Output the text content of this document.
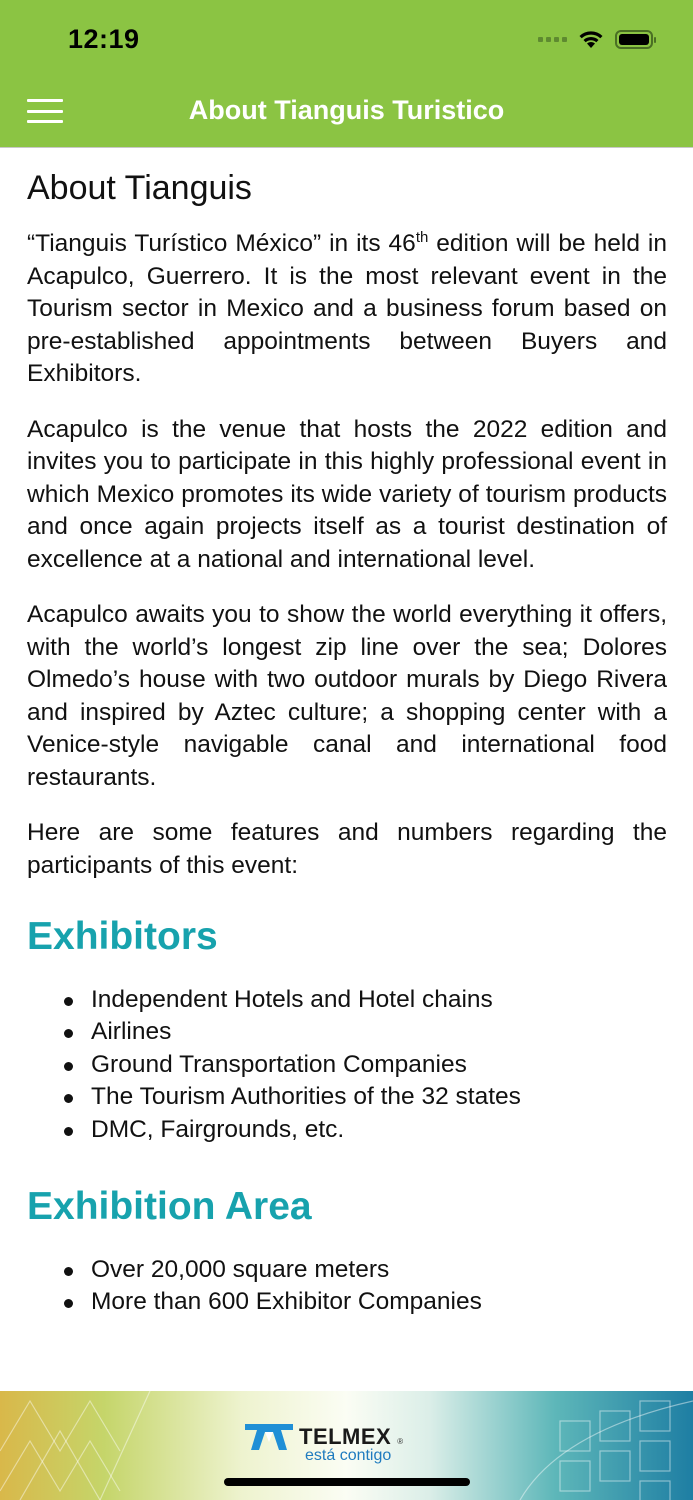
12:19
About Tianguis Turistico
About Tianguis

“Tianguis Turístico México” in its 46th edition will be held in Acapulco, Guerrero. It is the most relevant event in the Tourism sector in Mexico and a business forum based on pre-established appointments between Buyers and Exhibitors.

Acapulco is the venue that hosts the 2022 edition and invites you to participate in this highly professional event in which Mexico promotes its wide variety of tourism products and once again projects itself as a tourist destination of excellence at a national and international level.

Acapulco awaits you to show the world everything it offers, with the world’s longest zip line over the sea; Dolores Olmedo’s house with two outdoor murals by Diego Rivera and inspired by Aztec culture; a shopping center with a Venice-style navigable canal and international food restaurants.

Here are some features and numbers regarding the participants of this event:

Exhibitors
Independent Hotels and Hotel chains
Airlines
Ground Transportation Companies
The Tourism Authorities of the 32 states
DMC, Fairgrounds, etc.
Exhibition Area
Over 20,000 square meters
More than 600 Exhibitor Companies
TELMEX ®
está contigo
